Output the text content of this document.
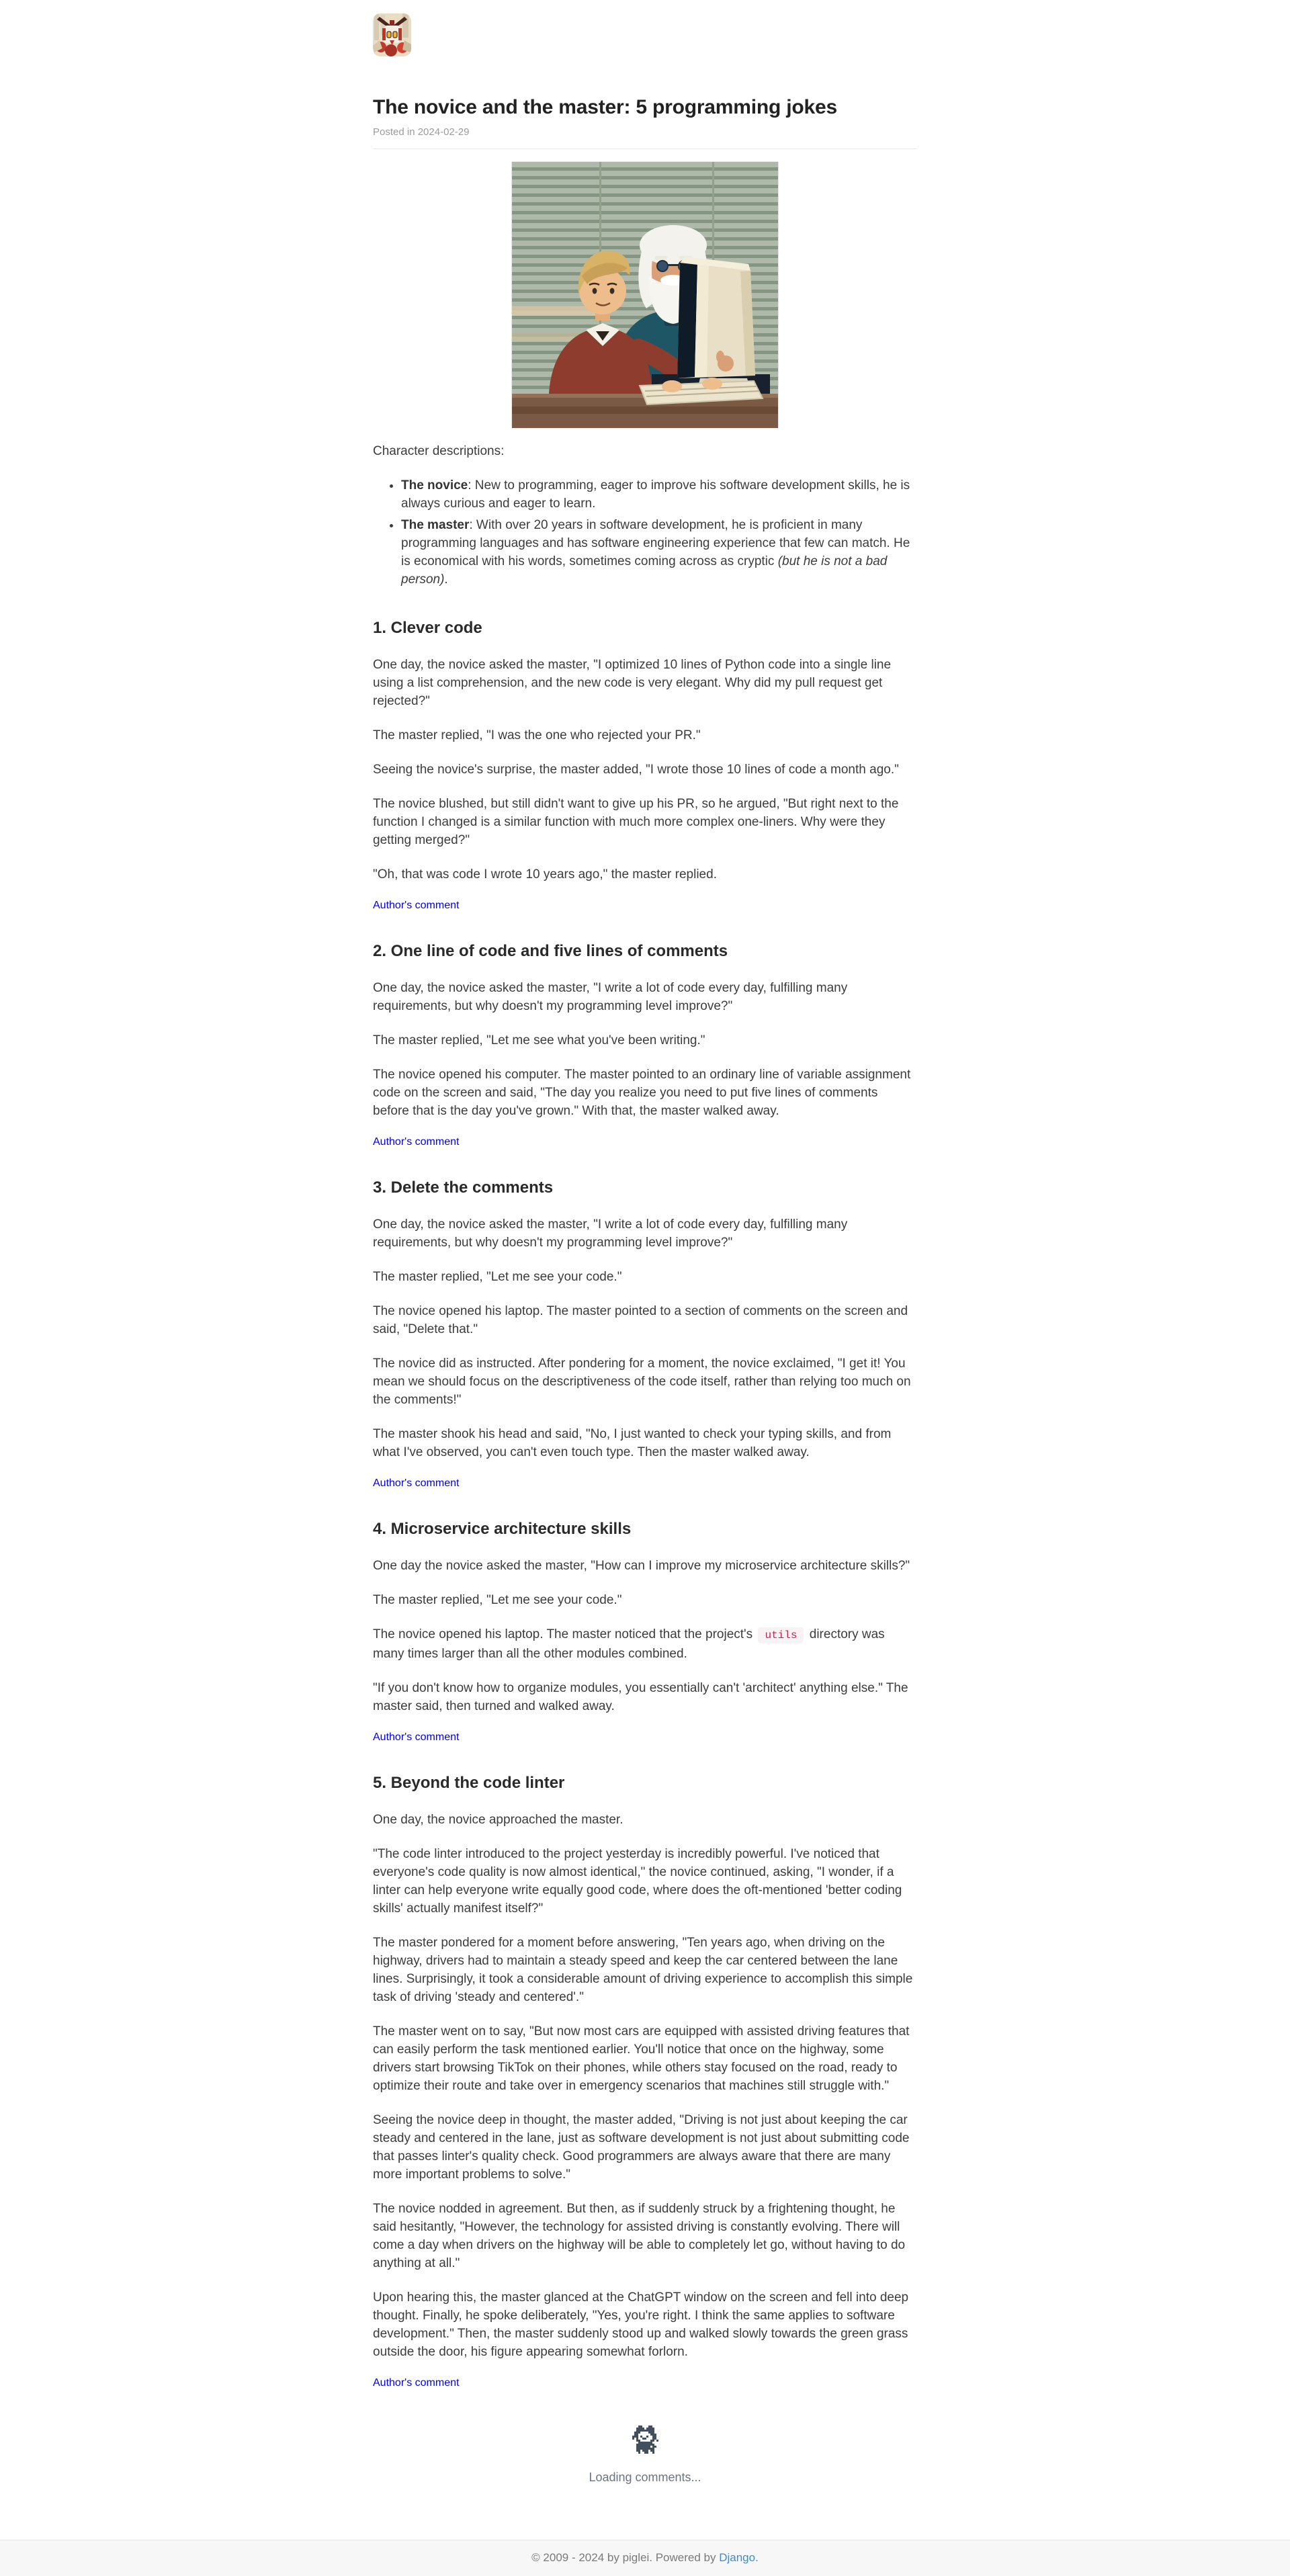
The novice and the master: 5 programming jokes
Posted in 2024-02-29

Character descriptions:

• The novice: New to programming, eager to improve his software development skills, he is always curious and eager to learn.
• The master: With over 20 years in software development, he is proficient in many programming languages and has software engineering experience that few can match. He is economical with his words, sometimes coming across as cryptic (but he is not a bad person).
1. Clever code

One day, the novice asked the master, "I optimized 10 lines of Python code into a single line using a list comprehension, and the new code is very elegant. Why did my pull request get rejected?"

The master replied, "I was the one who rejected your PR."

Seeing the novice's surprise, the master added, "I wrote those 10 lines of code a month ago."

The novice blushed, but still didn't want to give up his PR, so he argued, "But right next to the function I changed is a similar function with much more complex one-liners. Why were they getting merged?"

"Oh, that was code I wrote 10 years ago," the master replied.

Author's comment

2. One line of code and five lines of comments

One day, the novice asked the master, "I write a lot of code every day, fulfilling many requirements, but why doesn't my programming level improve?"

The master replied, "Let me see what you've been writing."

The novice opened his computer. The master pointed to an ordinary line of variable assignment code on the screen and said, "The day you realize you need to put five lines of comments before that is the day you've grown." With that, the master walked away.

Author's comment

3. Delete the comments

One day, the novice asked the master, "I write a lot of code every day, fulfilling many requirements, but why doesn't my programming level improve?"

The master replied, "Let me see your code."

The novice opened his laptop. The master pointed to a section of comments on the screen and said, "Delete that."

The novice did as instructed. After pondering for a moment, the novice exclaimed, "I get it! You mean we should focus on the descriptiveness of the code itself, rather than relying too much on the comments!"

The master shook his head and said, "No, I just wanted to check your typing skills, and from what I've observed, you can't even touch type. Then the master walked away.

Author's comment

4. Microservice architecture skills

One day the novice asked the master, "How can I improve my microservice architecture skills?"

The master replied, "Let me see your code."

The novice opened his laptop. The master noticed that the project's utils directory was many times larger than all the other modules combined.

"If you don't know how to organize modules, you essentially can't 'architect' anything else." The master said, then turned and walked away.

Author's comment

5. Beyond the code linter

One day, the novice approached the master.

"The code linter introduced to the project yesterday is incredibly powerful. I've noticed that everyone's code quality is now almost identical," the novice continued, asking, "I wonder, if a linter can help everyone write equally good code, where does the oft-mentioned 'better coding skills' actually manifest itself?"

The master pondered for a moment before answering, "Ten years ago, when driving on the highway, drivers had to maintain a steady speed and keep the car centered between the lane lines. Surprisingly, it took a considerable amount of driving experience to accomplish this simple task of driving 'steady and centered'."

The master went on to say, "But now most cars are equipped with assisted driving features that can easily perform the task mentioned earlier. You'll notice that once on the highway, some drivers start browsing TikTok on their phones, while others stay focused on the road, ready to optimize their route and take over in emergency scenarios that machines still struggle with."

Seeing the novice deep in thought, the master added, "Driving is not just about keeping the car steady and centered in the lane, just as software development is not just about submitting code that passes linter's quality check. Good programmers are always aware that there are many more important problems to solve."

The novice nodded in agreement. But then, as if suddenly struck by a frightening thought, he said hesitantly, "However, the technology for assisted driving is constantly evolving. There will come a day when drivers on the highway will be able to completely let go, without having to do anything at all."

Upon hearing this, the master glanced at the ChatGPT window on the screen and fell into deep thought. Finally, he spoke deliberately, "Yes, you're right. I think the same applies to software development." Then, the master suddenly stood up and walked slowly towards the green grass outside the door, his figure appearing somewhat forlorn.

Author's comment

Loading comments...

© 2009 - 2024 by piglei. Powered by Django.
